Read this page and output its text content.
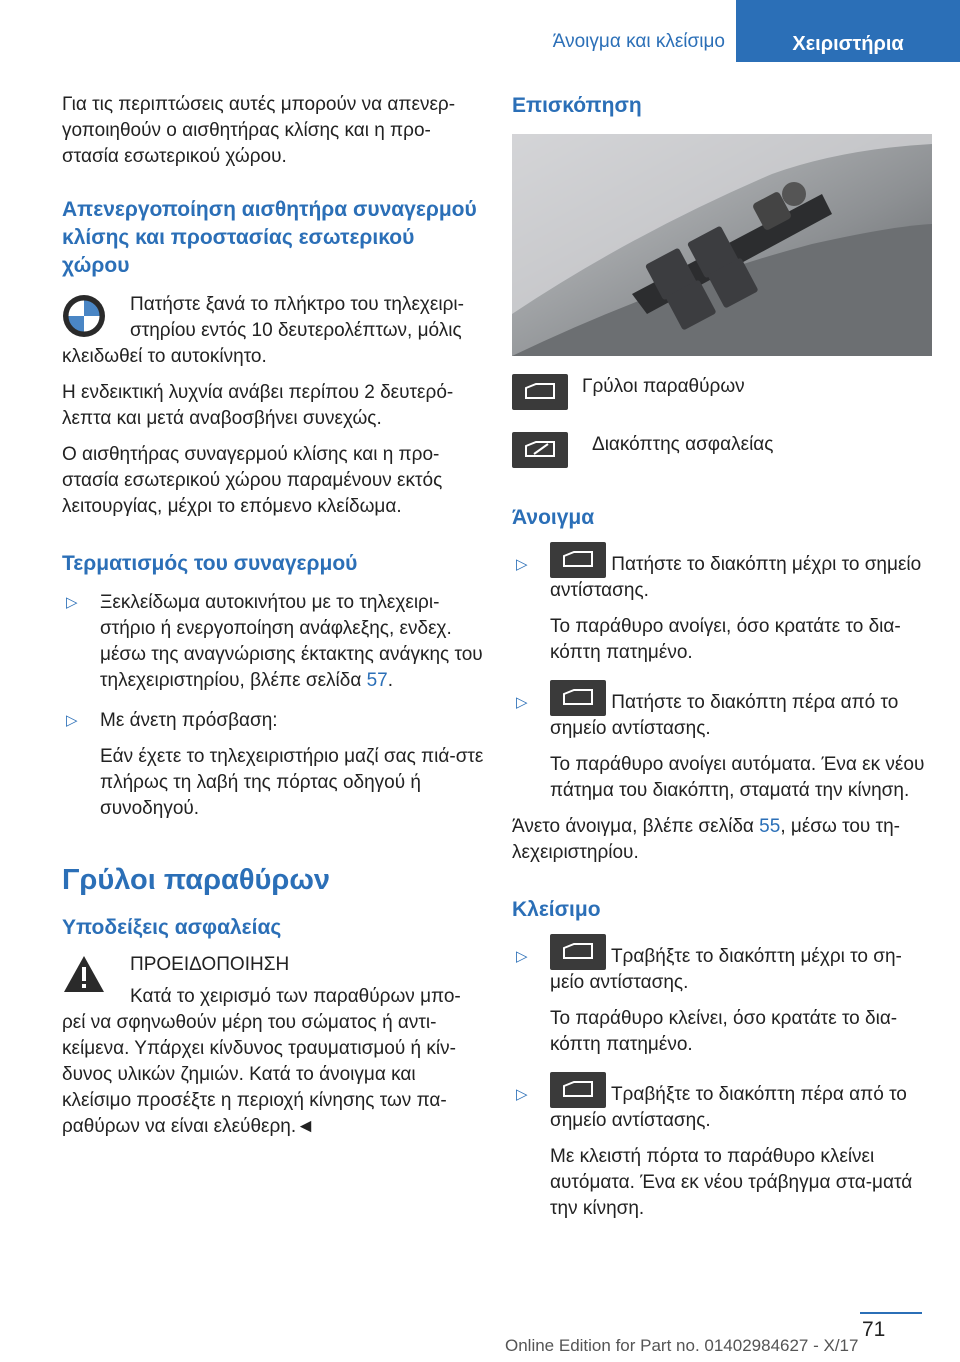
Άνοιγμα και κλείσιμο	Χειριστήρια

Για τις περιπτώσεις αυτές μπορούν να απενερ-γοποιηθούν ο αισθητήρας κλίσης και η προ-στασία εσωτερικού χώρου.

Απενεργοποίηση αισθητήρα συναγερμού κλίσης και προστασίας εσωτερικού χώρου

Πατήστε ξανά το πλήκτρο του τηλεχειρι-στηρίου εντός 10 δευτερολέπτων, μόλις κλειδωθεί το αυτοκίνητο.

Η ενδεικτική λυχνία ανάβει περίπου 2 δευτερό-λεπτα και μετά αναβοσβήνει συνεχώς.

Ο αισθητήρας συναγερμού κλίσης και η προ-στασία εσωτερικού χώρου παραμένουν εκτός λειτουργίας, μέχρι το επόμενο κλείδωμα.

Τερματισμός του συναγερμού
▷ Ξεκλείδωμα αυτοκινήτου με το τηλεχειρι-στήριο ή ενεργοποίηση ανάφλεξης, ενδεχ. μέσω της αναγνώρισης έκτακτης ανάγκης του τηλεχειριστηρίου, βλέπε σελίδα 57.

▷ Με άνετη πρόσβαση:

Εάν έχετε το τηλεχειριστήριο μαζί σας πιά-στε πλήρως τη λαβή της πόρτας οδηγού ή συνοδηγού.

Γρύλοι παραθύρων
Υποδείξεις ασφαλείας

ΠΡΟΕΙΔΟΠΟΙΗΣΗ

Κατά το χειρισμό των παραθύρων μπο-ρεί να σφηνωθούν μέρη του σώματος ή αντι-κείμενα. Υπάρχει κίνδυνος τραυματισμού ή κίν-δυνος υλικών ζημιών. Κατά το άνοιγμα και κλείσιμο προσέξτε η περιοχή κίνησης των πα-ραθύρων να είναι ελεύθερη.◄

Επισκόπηση
Γρύλοι παραθύρων
Διακόπτης ασφαλείας
Άνοιγμα
▷	Πατήστε το διακόπτη μέχρι το σημείο αντίστασης.

Το παράθυρο ανοίγει, όσο κρατάτε το δια-κόπτη πατημένο.

▷	Πατήστε το διακόπτη πέρα από το σημείο αντίστασης.

Το παράθυρο ανοίγει αυτόματα. Ένα εκ νέου πάτημα του διακόπτη, σταματά την κίνηση.

Άνετο άνοιγμα, βλέπε σελίδα 55, μέσω του τη-λεχειριστηρίου.

Κλείσιμο
▷	Τραβήξτε το διακόπτη μέχρι το ση-μείο αντίστασης.

Το παράθυρο κλείνει, όσο κρατάτε το δια-κόπτη πατημένο.

▷	Τραβήξτε το διακόπτη πέρα από το σημείο αντίστασης.

Με κλειστή πόρτα το παράθυρο κλείνει αυτόματα. Ένα εκ νέου τράβηγμα στα-ματά την κίνηση.

71
Online Edition for Part no. 01402984627 - X/17
